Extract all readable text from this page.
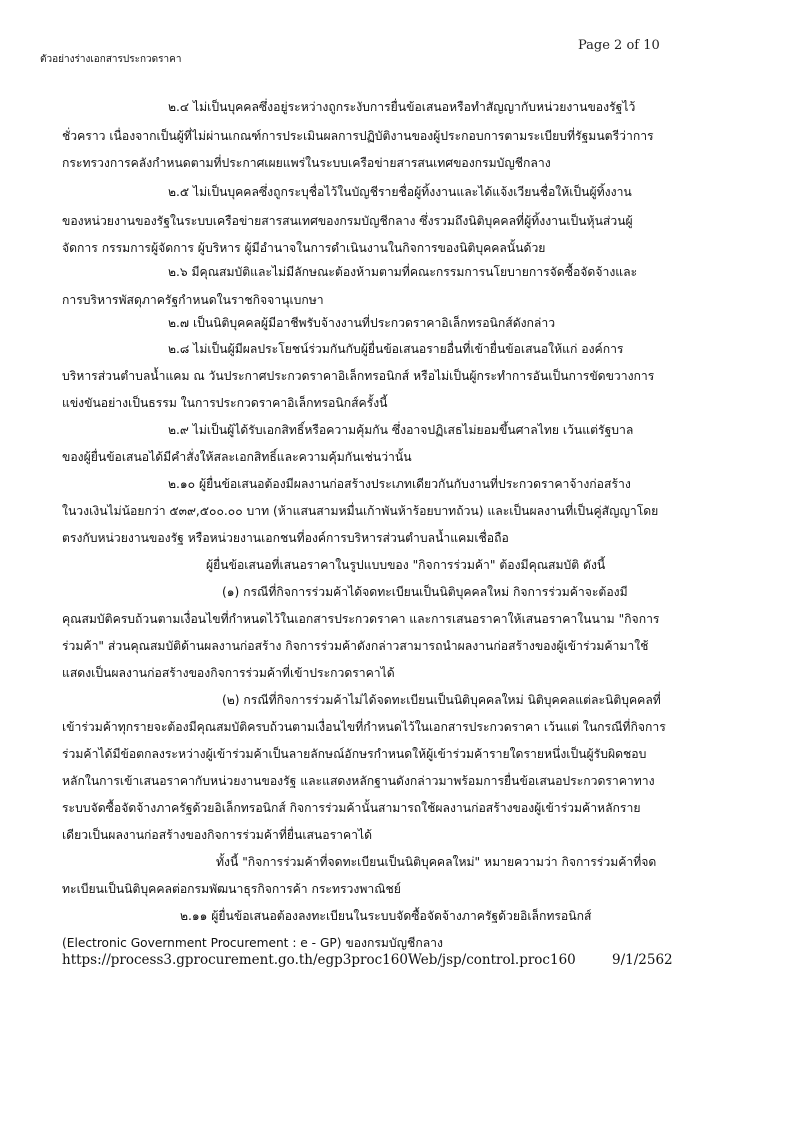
ตัวอย่างร่างเอกสารประกวดราคา
Page 2 of 10
๒.๔ ไม่เป็นบุคคลซึ่งอยู่ระหว่างถูกระงับการยื่นข้อเสนอหรือทำสัญญากับหน่วยงานของรัฐไว้
ชั่วคราว เนื่องจากเป็นผู้ที่ไม่ผ่านเกณฑ์การประเมินผลการปฏิบัติงานของผู้ประกอบการตามระเบียบที่รัฐมนตรีว่าการ
กระทรวงการคลังกำหนดตามที่ประกาศเผยแพร่ในระบบเครือข่ายสารสนเทศของกรมบัญชีกลาง
๒.๕ ไม่เป็นบุคคลซึ่งถูกระบุชื่อไว้ในบัญชีรายชื่อผู้ทิ้งงานและได้แจ้งเวียนชื่อให้เป็นผู้ทิ้งงาน
ของหน่วยงานของรัฐในระบบเครือข่ายสารสนเทศของกรมบัญชีกลาง ซึ่งรวมถึงนิติบุคคลที่ผู้ทิ้งงานเป็นหุ้นส่วนผู้
จัดการ กรรมการผู้จัดการ ผู้บริหาร ผู้มีอำนาจในการดำเนินงานในกิจการของนิติบุคคลนั้นด้วย
๒.๖ มีคุณสมบัติและไม่มีลักษณะต้องห้ามตามที่คณะกรรมการนโยบายการจัดซื้อจัดจ้างและ
การบริหารพัสดุภาครัฐกำหนดในราชกิจจานุเบกษา
๒.๗ เป็นนิติบุคคลผู้มีอาชีพรับจ้างงานที่ประกวดราคาอิเล็กทรอนิกส์ดังกล่าว
๒.๘ ไม่เป็นผู้มีผลประโยชน์ร่วมกันกับผู้ยื่นข้อเสนอรายอื่นที่เข้ายื่นข้อเสนอให้แก่ องค์การ
บริหารส่วนตำบลน้ำแคม ณ วันประกาศประกวดราคาอิเล็กทรอนิกส์ หรือไม่เป็นผู้กระทำการอันเป็นการขัดขวางการ
แข่งขันอย่างเป็นธรรม ในการประกวดราคาอิเล็กทรอนิกส์ครั้งนี้
๒.๙ ไม่เป็นผู้ได้รับเอกสิทธิ์หรือความคุ้มกัน ซึ่งอาจปฏิเสธไม่ยอมขึ้นศาลไทย เว้นแต่รัฐบาล
ของผู้ยื่นข้อเสนอได้มีคำสั่งให้สละเอกสิทธิ์และความคุ้มกันเช่นว่านั้น
๒.๑๐ ผู้ยื่นข้อเสนอต้องมีผลงานก่อสร้างประเภทเดียวกันกับงานที่ประกวดราคาจ้างก่อสร้าง
ในวงเงินไม่น้อยกว่า ๕๓๙,๕๐๐.๐๐ บาท (ห้าแสนสามหมื่นเก้าพันห้าร้อยบาทถ้วน) และเป็นผลงานที่เป็นคู่สัญญาโดย
ตรงกับหน่วยงานของรัฐ หรือหน่วยงานเอกชนที่องค์การบริหารส่วนตำบลน้ำแคมเชื่อถือ
ผู้ยื่นข้อเสนอที่เสนอราคาในรูปแบบของ "กิจการร่วมค้า" ต้องมีคุณสมบัติ ดังนี้
(๑) กรณีที่กิจการร่วมค้าได้จดทะเบียนเป็นนิติบุคคลใหม่ กิจการร่วมค้าจะต้องมี
คุณสมบัติครบถ้วนตามเงื่อนไขที่กำหนดไว้ในเอกสารประกวดราคา และการเสนอราคาให้เสนอราคาในนาม "กิจการ
ร่วมค้า" ส่วนคุณสมบัติด้านผลงานก่อสร้าง กิจการร่วมค้าดังกล่าวสามารถนำผลงานก่อสร้างของผู้เข้าร่วมค้ามาใช้
แสดงเป็นผลงานก่อสร้างของกิจการร่วมค้าที่เข้าประกวดราคาได้
(๒) กรณีที่กิจการร่วมค้าไม่ได้จดทะเบียนเป็นนิติบุคคลใหม่ นิติบุคคลแต่ละนิติบุคคลที่
เข้าร่วมค้าทุกรายจะต้องมีคุณสมบัติครบถ้วนตามเงื่อนไขที่กำหนดไว้ในเอกสารประกวดราคา เว้นแต่ ในกรณีที่กิจการ
ร่วมค้าได้มีข้อตกลงระหว่างผู้เข้าร่วมค้าเป็นลายลักษณ์อักษรกำหนดให้ผู้เข้าร่วมค้ารายใดรายหนึ่งเป็นผู้รับผิดชอบ
หลักในการเข้าเสนอราคากับหน่วยงานของรัฐ และแสดงหลักฐานดังกล่าวมาพร้อมการยื่นข้อเสนอประกวดราคาทาง
ระบบจัดซื้อจัดจ้างภาครัฐด้วยอิเล็กทรอนิกส์ กิจการร่วมค้านั้นสามารถใช้ผลงานก่อสร้างของผู้เข้าร่วมค้าหลักราย
เดียวเป็นผลงานก่อสร้างของกิจการร่วมค้าที่ยื่นเสนอราคาได้
ทั้งนี้ "กิจการร่วมค้าที่จดทะเบียนเป็นนิติบุคคลใหม่" หมายความว่า กิจการร่วมค้าที่จด
ทะเบียนเป็นนิติบุคคลต่อกรมพัฒนาธุรกิจการค้า กระทรวงพาณิชย์
๒.๑๑ ผู้ยื่นข้อเสนอต้องลงทะเบียนในระบบจัดซื้อจัดจ้างภาครัฐด้วยอิเล็กทรอนิกส์
(Electronic Government Procurement : e - GP) ของกรมบัญชีกลาง
https://process3.gprocurement.go.th/egp3proc160Web/jsp/control.proc160	9/1/2562
